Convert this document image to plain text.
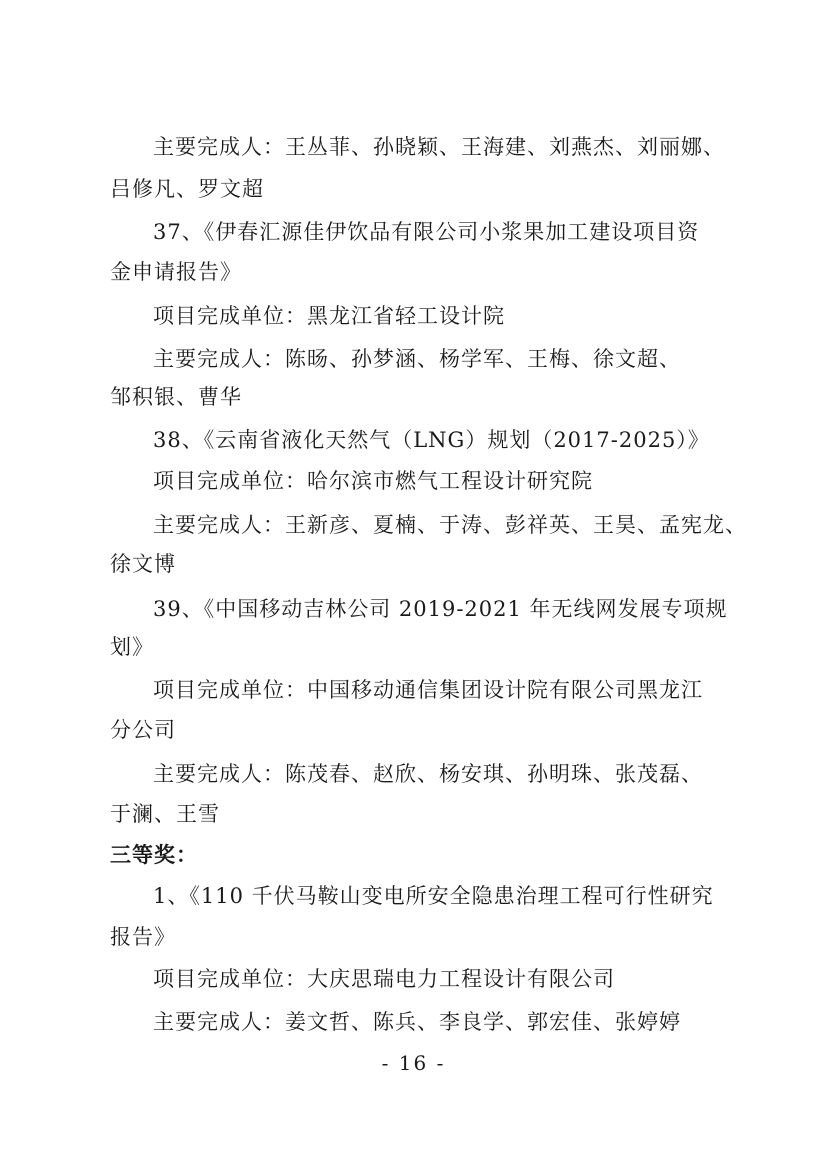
主要完成人：王丛菲、孙晓颖、王海建、刘燕杰、刘丽娜、
吕修凡、罗文超
37、《伊春汇源佳伊饮品有限公司小浆果加工建设项目资
金申请报告》
项目完成单位：黑龙江省轻工设计院
主要完成人：陈旸、孙梦涵、杨学军、王梅、徐文超、
邹积银、曹华
38、《云南省液化天然气（LNG）规划（2017-2025）》
项目完成单位：哈尔滨市燃气工程设计研究院
主要完成人：王新彦、夏楠、于涛、彭祥英、王昊、孟宪龙、
徐文博
39、《中国移动吉林公司 2019-2021 年无线网发展专项规
划》
项目完成单位：中国移动通信集团设计院有限公司黑龙江
分公司
主要完成人：陈茂春、赵欣、杨安琪、孙明珠、张茂磊、
于澜、王雪
三等奖：
1、《110 千伏马鞍山变电所安全隐患治理工程可行性研究
报告》
项目完成单位：大庆思瑞电力工程设计有限公司
主要完成人：姜文哲、陈兵、李良学、郭宏佳、张婷婷
- 16 -
